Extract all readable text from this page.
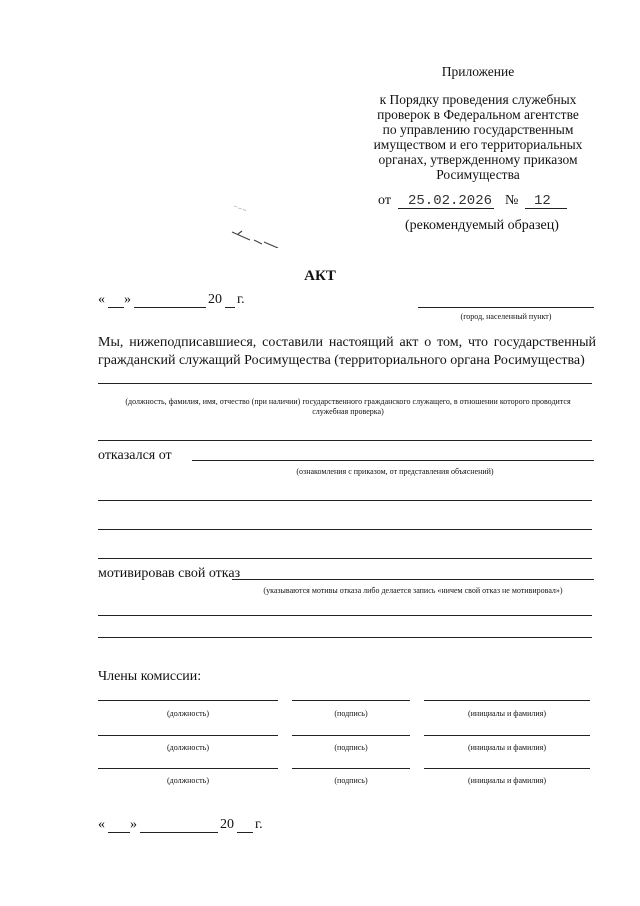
Приложение
к Порядку проведения служебных
проверок в Федеральном агентстве
по управлению государственным
имуществом и его территориальных
органах, утвержденному приказом
Росимущества
от 25.02.2026 № 12
(рекомендуемый образец)
АКТ
« »	20 г.
(город, населенный пункт)
Мы, нижеподписавшиеся, составили настоящий акт о том, что государственный гражданский служащий Росимущества (территориального органа Росимущества)
(должность, фамилия, имя, отчество (при наличии) государственного гражданского служащего, в отношении которого проводится служебная проверка)
отказался от
(ознакомления с приказом, от представления объяснений)
мотивировав свой отказ
(указываются мотивы отказа либо делается запись «ничем свой отказ не мотивировал»)
Члены комиссии:
(должность)	(подпись)	(инициалы и фамилия)
(должность)	(подпись)	(инициалы и фамилия)
(должность)	(подпись)	(инициалы и фамилия)
« »	20 г.
